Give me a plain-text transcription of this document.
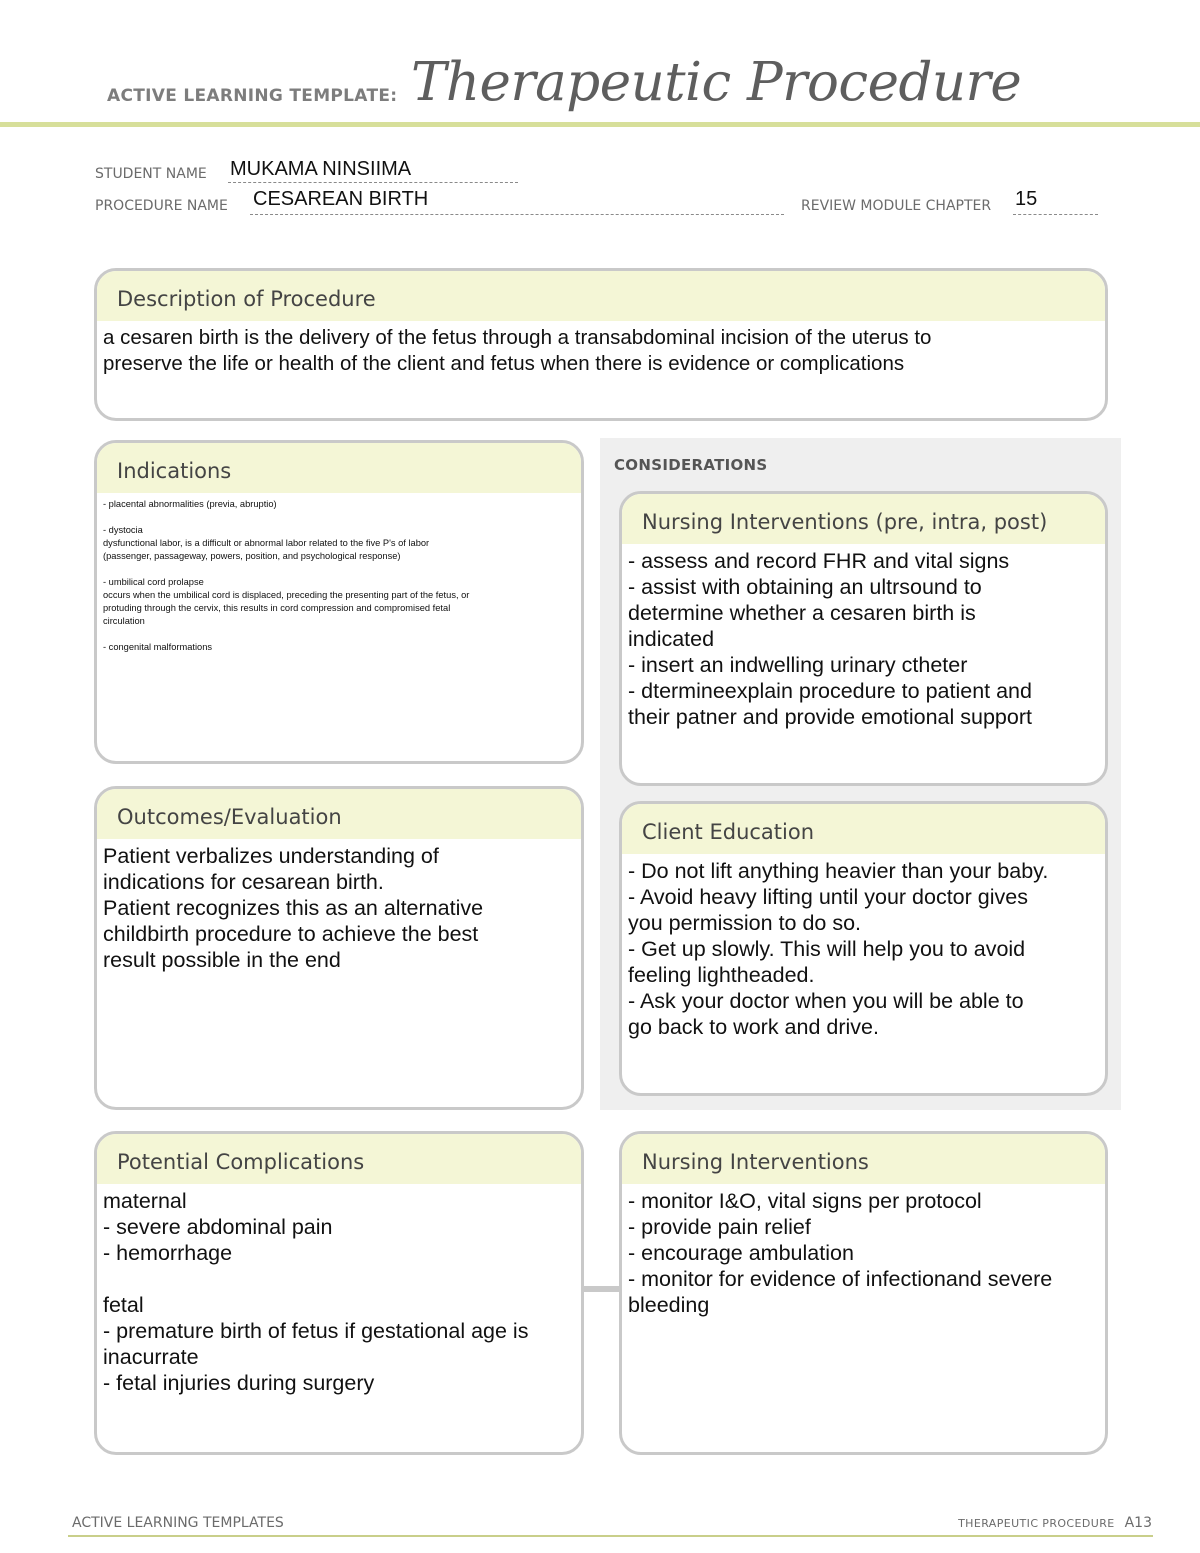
ACTIVE LEARNING TEMPLATE: Therapeutic Procedure
STUDENT NAME MUKAMA NINSIIMA
PROCEDURE NAME CESAREAN BIRTH	REVIEW MODULE CHAPTER 15
Description of Procedure
a cesaren birth is the delivery of the fetus through a transabdominal incision of the uterus to
preserve the life or health of the client and fetus when there is evidence or complications
Indications
- placental abnormalities (previa, abruptio)

- dystocia
dysfunctional labor, is a difficult or abnormal labor related to the five P's of labor
(passenger, passageway, powers, position, and psychological response)

- umbilical cord prolapse
occurs when the umbilical cord is displaced, preceding the presenting part of the fetus, or
protuding through the cervix, this results in cord compression and compromised fetal
circulation

- congenital malformations
CONSIDERATIONS
Nursing Interventions (pre, intra, post)
- assess and record FHR and vital signs
- assist with obtaining an ultrsound to
determine whether a cesaren birth is
indicated
- insert an indwelling urinary ctheter
- dtermineexplain procedure to patient and
their patner and provide emotional support
Client Education
- Do not lift anything heavier than your baby.
- Avoid heavy lifting until your doctor gives
you permission to do so.
- Get up slowly. This will help you to avoid
feeling lightheaded.
- Ask your doctor when you will be able to
go back to work and drive.
Outcomes/Evaluation
Patient verbalizes understanding of
indications for cesarean birth.
Patient recognizes this as an alternative
childbirth procedure to achieve the best
result possible in the end
Potential Complications
maternal
- severe abdominal pain
- hemorrhage

fetal
- premature birth of fetus if gestational age is
inacurrate
- fetal injuries during surgery
Nursing Interventions
- monitor I&O, vital signs per protocol
- provide pain relief
- encourage ambulation
- monitor for evidence of infectionand severe
bleeding
ACTIVE LEARNING TEMPLATES	THERAPEUTIC PROCEDURE A13
